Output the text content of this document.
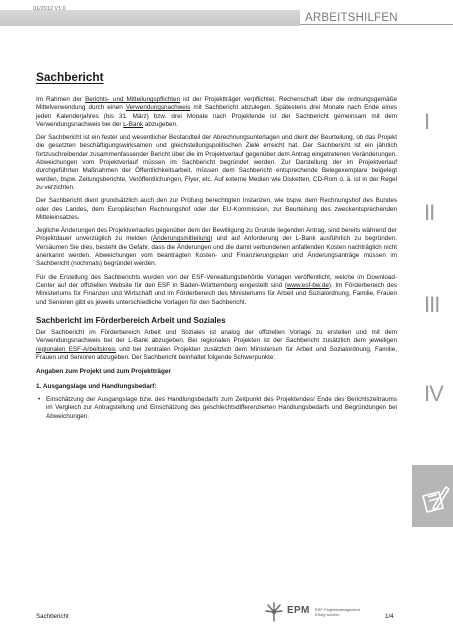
01/2012 V1.0
ARBEITSHILFEN
Sachbericht

Im Rahmen der Berichts- und Mitteilungspflichten ist der Projektträger verpflichtet, Rechenschaft über die ordnungsgemäße Mittelverwendung durch einen Verwendungsnachweis mit Sachbericht abzulegen. Spätestens drei Monate nach Ende eines jeden Kalenderjahres (bis 31. März) bzw. drei Monate nach Projektende ist der Sachbericht gemeinsam mit dem Verwendungsnachweis bei der L-Bank abzugeben.

Der Sachbericht ist ein fester und wesentlicher Bestandteil der Abrechnungsunterlagen und dient der Beurteilung, ob das Projekt die gesetzten beschäftigungswirksamen und gleichstellungspolitischen Ziele erreicht hat. Der Sachbericht ist ein jährlich fortzuschreibender zusammenfassender Bericht über die im Projektverlauf gegenüber dem Antrag eingetretenen Veränderungen. Abweichungen vom Projektverlauf müssen im Sachbericht begründet werden. Zur Darstellung der im Projektverlauf durchgeführten Maßnahmen der Öffentlichkeitsarbeit, müssen dem Sachbericht entsprechende Belegexemplare beigelegt werden, bspw. Zeitungsberichte, Veröffentlichungen, Flyer, etc. Auf externe Medien wie Disketten, CD-Rom o. ä. ist in der Regel zu verzichten.

Der Sachbericht dient grundsätzlich auch den zur Prüfung berechtigten Instanzen, wie bspw. dem Rechnungshof des Bundes oder des Landes, dem Europäischen Rechnungshof oder der EU-Kommission, zur Beurteilung des zweckentsprechenden Mitteleinsatzes.

Jegliche Änderungen des Projektverlaufes gegenüber dem der Bewilligung zu Grunde liegenden Antrag, sind bereits während der Projektdauer unverzüglich zu melden (Änderungsmitteilung) und auf Anforderung der L-Bank ausführlich zu begründen. Versäumen Sie dies, besteht die Gefahr, dass die Änderungen und die damit verbundenen anfallenden Kosten nachträglich nicht anerkannt werden. Abweichungen vom beantragten Kosten- und Finanzierungsplan und Änderungsanträge müssen im Sachbericht (nochmals) begründet werden.

Für die Erstellung des Sachberichts wurden von der ESF-Verwaltungsbehörde Vorlagen veröffentlicht, welche im Download-Center auf der offiziellen Website für den ESF in Baden-Württemberg eingestellt sind (www.esf-bw.de). Im Förderbereich des Ministeriums für Finanzen und Wirtschaft und im Förderbereich des Ministeriums für Arbeit und Sozialordnung, Familie, Frauen und Senioren gibt es jeweils unterschiedliche Vorlagen für den Sachbericht.

Sachbericht im Förderbereich Arbeit und Soziales

Der Sachbericht im Förderbereich Arbeit und Soziales ist analog der offiziellen Vorlage zu erstellen und mit dem Verwendungsnachweis bei der L-Bank abzugeben. Bei regionalen Projekten ist der Sachbericht zusätzlich dem jeweiligen regionalen ESF-Arbeitskreis und bei zentralen Projekten zusätzlich dem Ministerium für Arbeit und Sozialordnung, Familie, Frauen und Senioren abzugeben. Der Sachbericht beinhaltet folgende Schwerpunkte:

Angaben zum Projekt und zum Projektträger
1. Ausgangslage und Handlungsbedarf:

• Einschätzung der Ausgangslage bzw. des Handlungsbedarfs zum Zeitpunkt des Projektendes/ Ende des Berichtszeitraums im Vergleich zur Antragstellung und Einschätzung des geschlechtsdifferenzierten Handlungsbedarfs und Begründungen bei Abweichungen.

I
II
III
IV
Sachbericht
EPM ESF-Projektmanagement
Erfolg sichern	1/4
